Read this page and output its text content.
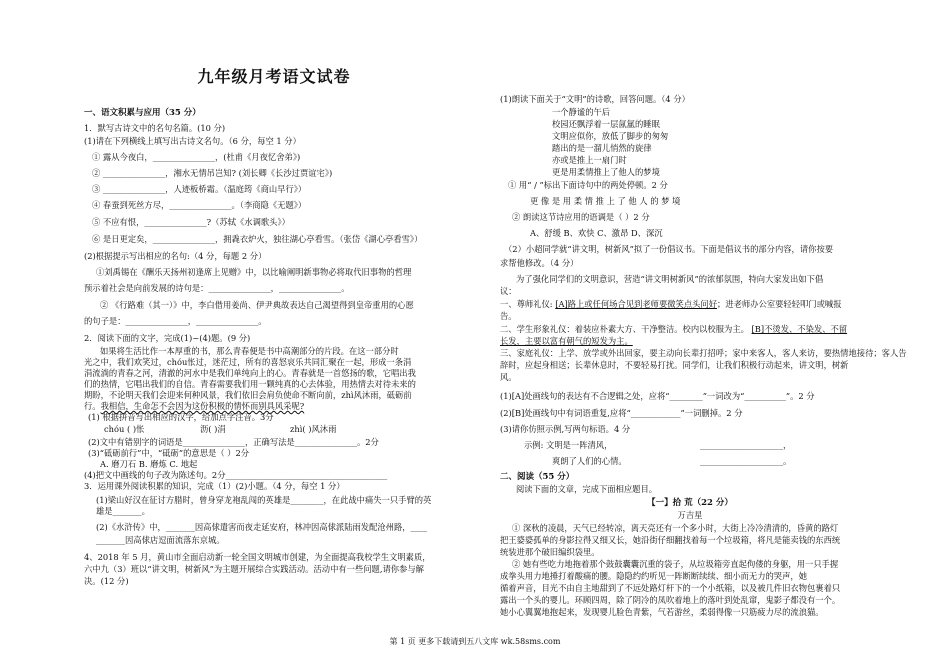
九年级月考语文试卷
一、语文积累与应用（35 分）
1．默写古诗文中的名句名篇。(10 分)
(1)请在下列横线上填写出古诗文名句。（6 分，每空 1 分）
① 露从今夜白，_______________，(杜甫《月夜忆舍弟》)
② _______________，湘水无情吊岂知? (刘长卿《长沙过贾谊宅》)
③ _______________，人迹板桥霜。（温庭筠《商山早行》）
④ 春蚕到死丝方尽，_______________。（李商隐《无题》）
⑤ 不应有恨，_______________?（苏轼《水调歌头》）
⑥ 是日更定矣，_______________，拥毳衣炉火，独往湖心亭看雪。（张岱《湖心亭看雪》）
(2)根据提示写出相应的名句:（4 分，每题 2 分）
①刘禹锡在《酬乐天扬州初逢席上见赠》中，以比喻阐明新事物必将取代旧事物的哲理
预示着社会是向前发展的诗句是：_______________，_______________。
② 《行路难（其一）》中，李白借用姜尚、伊尹典故表达自己渴望得到皇帝重用的心愿
的句子是：_______________，_______________。
2．阅读下面的文字，完成(1)~(4)题。(9 分)
如果将生活比作一本厚重的书，那么青春便是书中高潮部分的片段。在这一部分时
光之中，我们欢笑过，chóu怅过，迷茫过，所有的喜怒哀乐共同汇聚在一起，形成一条涓
涓流淌的青春之河，清澈的河水中是我们单纯向上的心。青春就是一首悠扬的歌，它唱出我
们的热情，它唱出我们的自信。青春需要我们用一颗纯真的心去体验，用热情去对待未来的
期盼，不论明天我们会迎来何种风景，我们依旧会肩负使命不断向前，zhì风沐雨，砥砺前
行。我相信，生命怎不会因为这份积极的情怀而别具风采呢?
(1) 根据拼音写出相应的汉字，给加点字注音。3分
chóu ( )怅	沥( )涓	zhì( )风沐雨
(2)文中有错别字的词语是_______________，正确写法是_______________。2分
(3)“砥砺前行”中，“砥砺”的意思是（ ）2分
A. 磨刀石 B. 磨炼 C. 地起
(4)把文中画线的句子改为陈述句。2分_______________________________________
3．运用课外阅读积累的知识，完成（1）(2)小题。（4 分，每空 1 分）
(1)梁山好汉在征讨方腊时，曾身穿龙袍乱闯的英雄是________，在此战中痛失一只手臂的英
雄是_______。
(2)《水浒传》中，_______因高俅遣害而夜走延安府，林冲因高俅派陆雨发配沧州路，____
_______因高俅店逗面流落东京城。
4、2018 年 5 月，黄山市全面启动新一轮全国文明城市创建，为全面提高我校学生文明素质，
六中九（3）班以“讲文明，树新风”为主题开展综合实践活动。活动中有一些问题,请你参与解
决。(12 分)
(1)朗读下面关于“文明”的诗歌，回答问题。（4 分）
一个静谧的午后
校园还飘浮着一层氤氲的睡眠
文明应似你，放低了脚步的匆匆
踏出的是一溜儿悄然的旋律
亦或是推上一扇门时
更是用柔情推上了他人的梦境
① 用“ / ”标出下面诗句中的两处停顿。2 分
更 像 是 用 柔 情 推 上 了 他 人 的 梦 境
② 朗读这节诗应用的语调是（ ）2 分
A、舒缓 B、欢快 C、激昂 D、深沉
（2）小超同学就“讲文明，树新风”拟了一份倡议书。下面是倡议书的部分内容，请你按要
求帮他修改。（4 分）
为了强化同学们的文明意识，营造“讲文明树新风”的浓郁氛围，特向大家发出如下倡
议：
一、尊师礼仪: [A]路上或任何场合见到老师要微笑点头问好；进老师办公室要轻轻叩门或喊报
告。
二、学生形象礼仪：着装应朴素大方、干净整洁。校内以校服为主。 [B]不烫发、不染发、不留
长发，主要以富有朝气的短发为主。
三、家庭礼仪：上学、放学或外出回家，要主动向长辈打招呼；家中来客人，客人来访，要热情地接待；客人告
辞时，应起身相送；长辈休息时，不要轻易打扰。同学们，让我们积极行动起来，讲文明，树新
风。
(1)[A]处画线句的表达有不合逻辑之处，应将“________”一词改为“__________”。2 分
(2)[B]处画线句中有词语重复,应将“____________”一词删掉。2 分
(3)请你仿照示例,写两句标语。4 分
示例: 文明是一阵清风，	____________________，
爽朗了人们的心情。	____________________。
二、阅读（55 分）
阅读下面的文章，完成下面相应题目。
【一】拾 荒（22 分）
万吉星
① 深秋的凌晨，天气已经转凉，离天亮还有一个多小时，大街上冷冷清清的，昏黄的路灯
把王婆婆孤单的身影拉得又细又长，她沿街仔细翻找着每一个垃圾箱，将凡是能卖钱的东西统
统装进那个破旧编织袋里。
② 她有些吃力地拖着那个鼓鼓囊囊沉重的袋子，从垃圾箱旁直起佝偻的身躯，用一只手握
成拳头用力地捶打着酸痛的腰。隐隐约约听见一阵断断续续、细小而无力的哭声，她
循着声音，目光不由自主地甜到了不远处路灯杆下的一个小纸箱，以及被几件旧衣物包裹着只
露出一个头的婴儿。环顾四周，除了阴冷的凤吹着地上的落叶到处乱窜，鬼影子都没有一个。
她小心翼翼地抱起来，发现婴儿脸色青紫，气若游丝，柔弱得像一只筋疲力尽的流浪猫。
第 1 页 更多下载请到五八文库 wk.58sms.com
